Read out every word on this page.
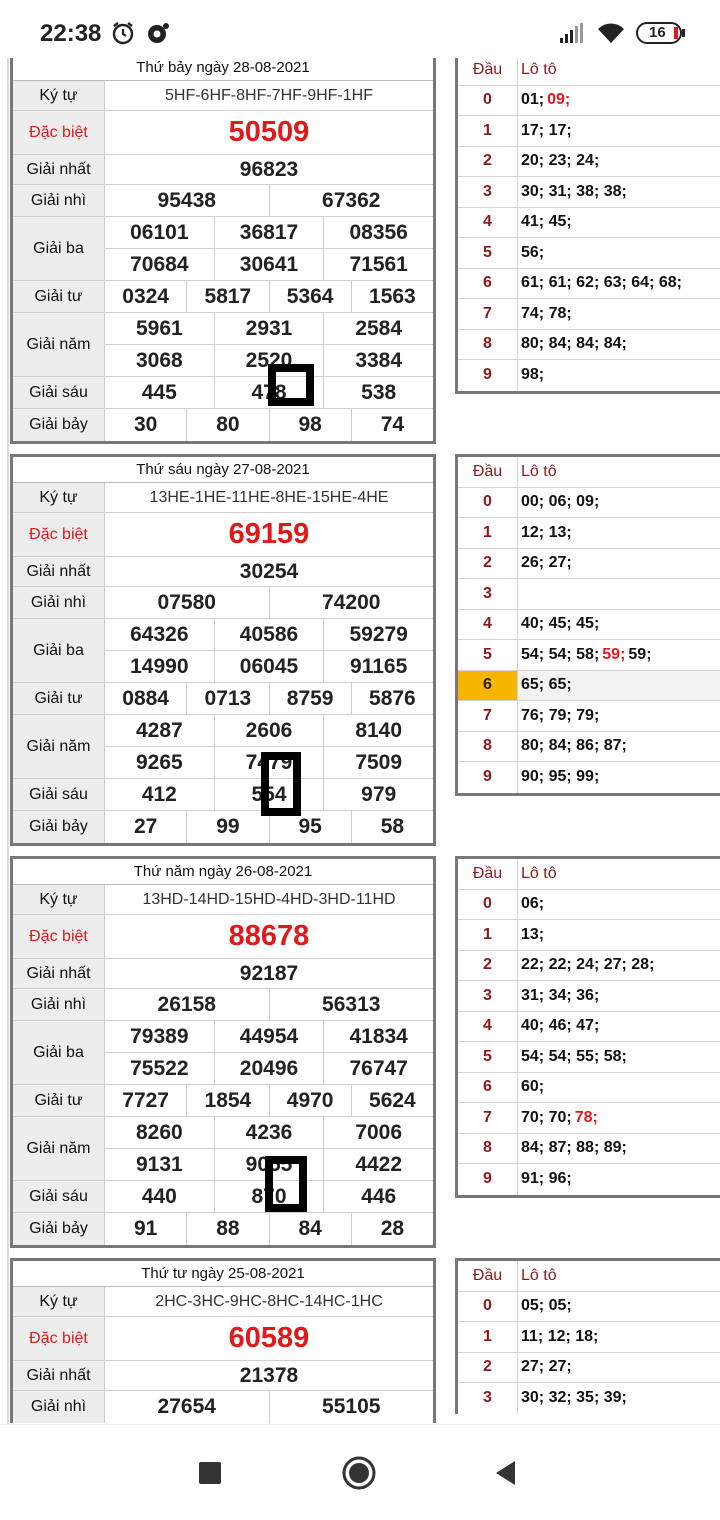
22:38	16
Thứ bảy ngày 28-08-2021
Ký tự	5HF-6HF-8HF-7HF-9HF-1HF
Đặc biệt	50509
Giải nhất	96823
Giải nhì	95438	67362
Giải ba
06101	36817	08356
70684	30641	71561
Giải tư	0324	5817	5364	1563
Giải năm
5961	2931	2584
3068	2520	3384
Giải sáu	445	478	538
Giải bảy	30	80	98	74
Đầu	Lô tô
0	01; 09;
1	17; 17;
2	20; 23; 24;
3	30; 31; 38; 38;
4	41; 45;
5	56;
6	61; 61; 62; 63; 64; 68;
7	74; 78;
8	80; 84; 84; 84;
9	98;
Thứ sáu ngày 27-08-2021
Ký tự	13HE-1HE-11HE-8HE-15HE-4HE
Đặc biệt	69159
Giải nhất	30254
Giải nhì	07580	74200
Giải ba
64326	40586	59279
14990	06045	91165
Giải tư	0884	0713	8759	5876
Giải năm
4287	2606	8140
9265	7479	7509
Giải sáu	412	554	979
Giải bảy	27	99	95	58
Đầu	Lô tô
0	00; 06; 09;
1	12; 13;
2	26; 27;
3
4	40; 45; 45;
5	54; 54; 58; 59; 59;
6	65; 65;
7	76; 79; 79;
8	80; 84; 86; 87;
9	90; 95; 99;
Thứ năm ngày 26-08-2021
Ký tự	13HD-14HD-15HD-4HD-3HD-11HD
Đặc biệt	88678
Giải nhất	92187
Giải nhì	26158	56313
Giải ba
79389	44954	41834
75522	20496	76747
Giải tư	7727	1854	4970	5624
Giải năm
8260	4236	7006
9131	9055	4422
Giải sáu	440	870	446
Giải bảy	91	88	84	28
Đầu	Lô tô
0	06;
1	13;
2	22; 22; 24; 27; 28;
3	31; 34; 36;
4	40; 46; 47;
5	54; 54; 55; 58;
6	60;
7	70; 70; 78;
8	84; 87; 88; 89;
9	91; 96;
Thứ tư ngày 25-08-2021
Ký tự	2HC-3HC-9HC-8HC-14HC-1HC
Đặc biệt	60589
Giải nhất	21378
Giải nhì	27654	55105
Đầu	Lô tô
0	05; 05;
1	11; 12; 18;
2	27; 27;
3	30; 32; 35; 39;
